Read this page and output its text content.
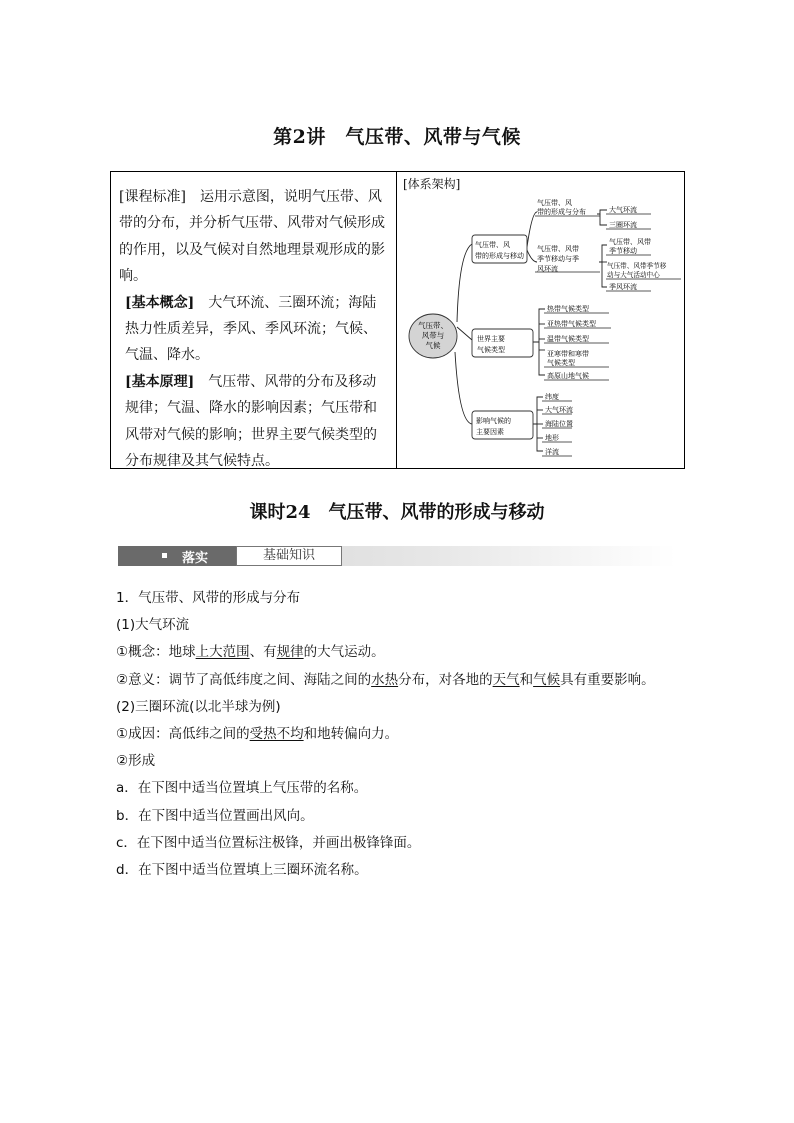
第2讲　气压带、风带与气候

[课程标准]　 运用示意图，说明气压带、风带的分布，并分析气压带、风带对气候形成的作用，以及气候对自然地理景观形成的影响。

[基本概念]　 大气环流、三圈环流；海陆热力性质差异，季风、季风环流；气候、气温、降水。

[基本原理]　 气压带、风带的分布及移动规律；气温、降水的影响因素；气压带和风带对气候的影响；世界主要气候类型的分布规律及其气候特点。

[体系架构]
气压带、
风带与
气候
气压带、风
带的形成与移动
世界主要
气候类型
影响气候的
主要因素
气压带、风
带的形成与分布	大气环流
三圈环流
气压带、风带
季节移动与季
风环流
气压带、风带
季节移动
气压带、风带季节移
动与大气活动中心
季风环流
热带气候类型
亚热带气候类型
温带气候类型
亚寒带和寒带
气候类型
高原山地气候
纬度
大气环流
海陆位置
地形
洋流
课时24　气压带、风带的形成与移动
落实	基础知识

1．气压带、风带的形成与分布

(1)大气环流

①概念：地球上大范围、有规律的大气运动。

②意义：调节了高低纬度之间、海陆之间的水热分布，对各地的天气和气候具有重要影响。

(2)三圈环流(以北半球为例)

①成因：高低纬之间的受热不均和地转偏向力。

②形成

a．在下图中适当位置填上气压带的名称。

b．在下图中适当位置画出风向。

c．在下图中适当位置标注极锋，并画出极锋锋面。

d．在下图中适当位置填上三圈环流名称。
